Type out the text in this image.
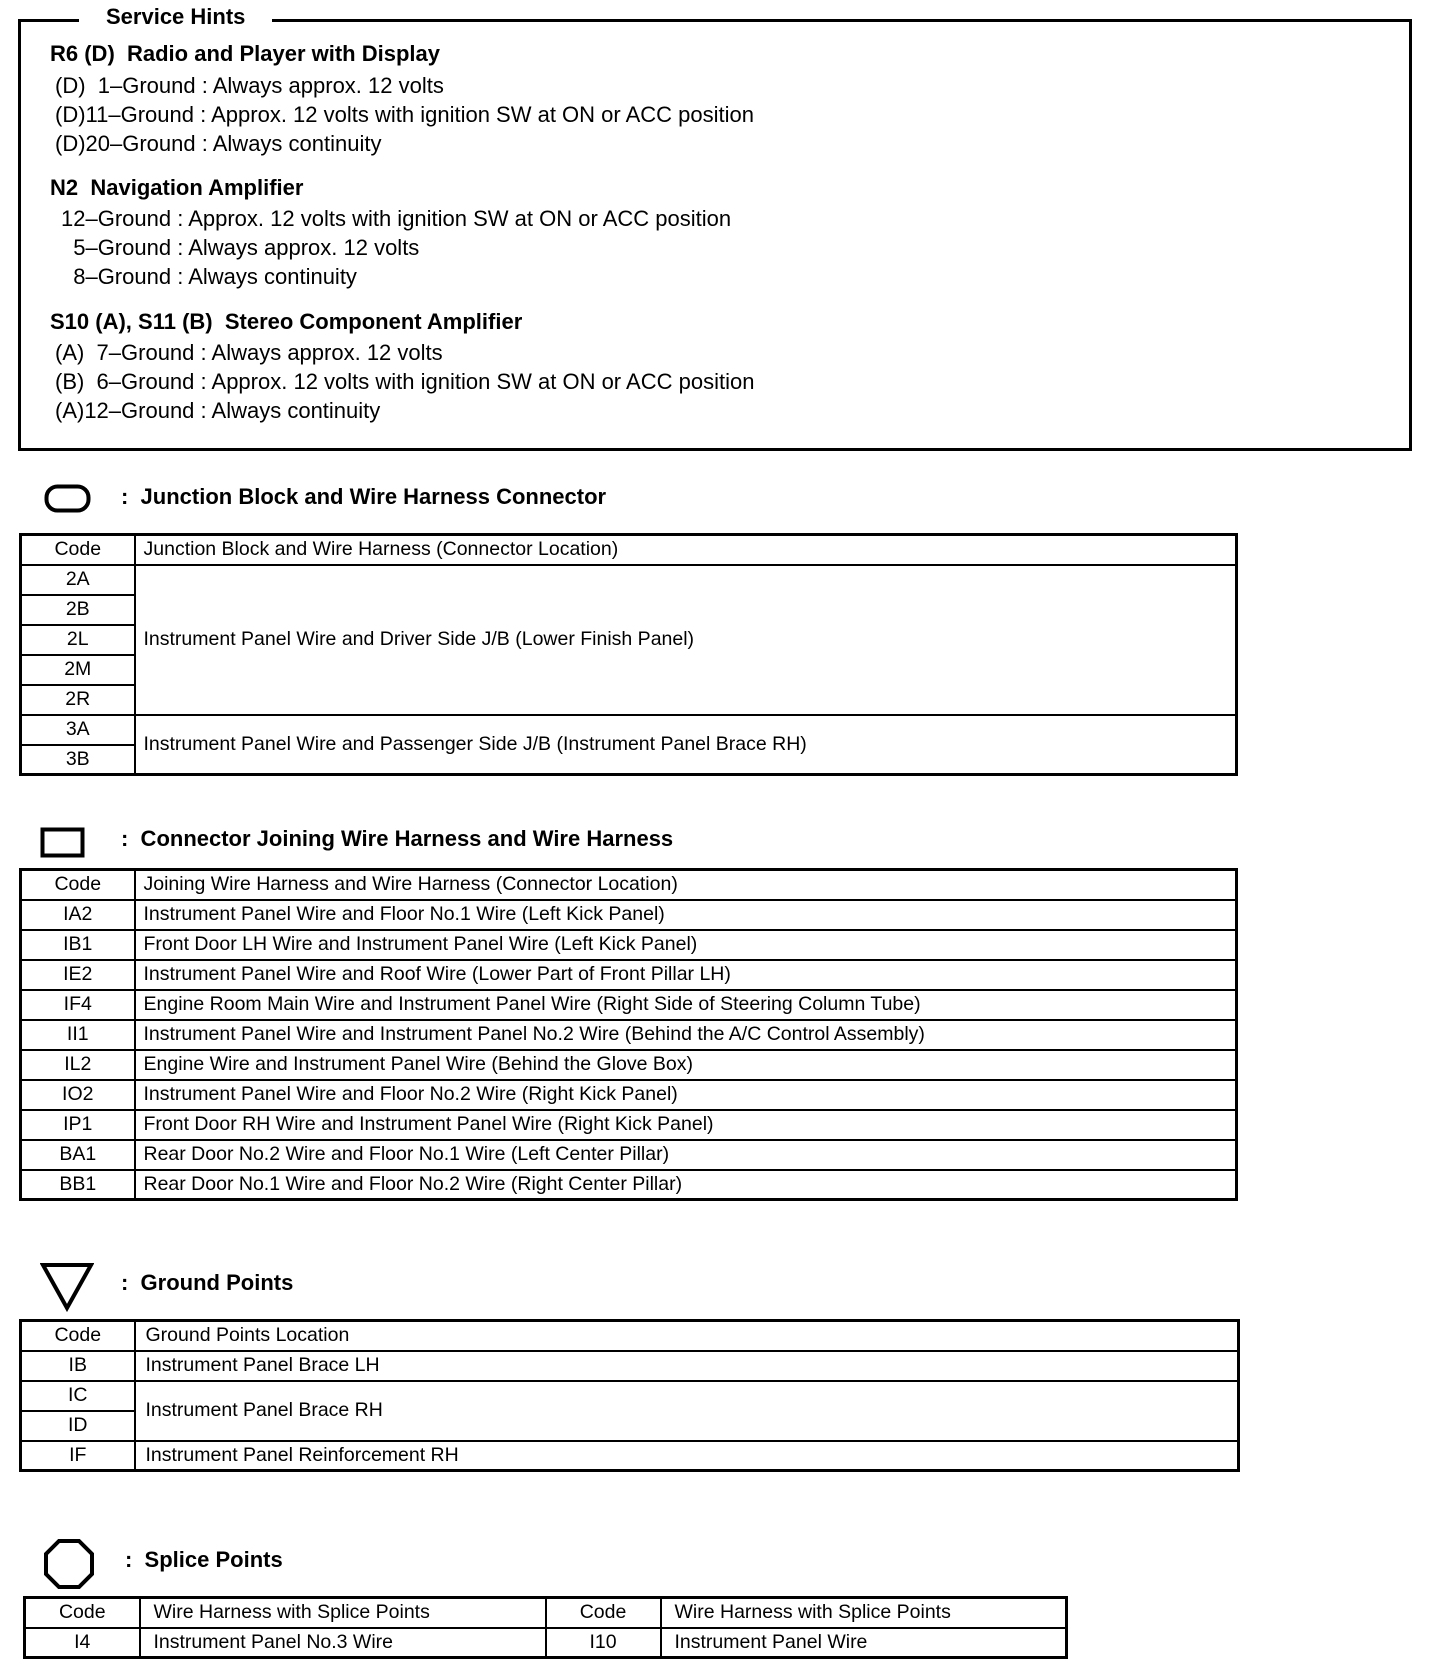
Service Hints
R6 (D)  Radio and Player with Display
(D)  1–Ground : Always approx. 12 volts
(D)11–Ground : Approx. 12 volts with ignition SW at ON or ACC position
(D)20–Ground : Always continuity
N2  Navigation Amplifier
12–Ground : Approx. 12 volts with ignition SW at ON or ACC position
5–Ground : Always approx. 12 volts
8–Ground : Always continuity
S10 (A), S11 (B)  Stereo Component Amplifier
(A)  7–Ground : Always approx. 12 volts
(B)  6–Ground : Approx. 12 volts with ignition SW at ON or ACC position
(A)12–Ground : Always continuity
:  Junction Block and Wire Harness Connector
Code	Junction Block and Wire Harness (Connector Location)
2A	Instrument Panel Wire and Driver Side J/B (Lower Finish Panel)
2B	
2L	
2M	
2R	
3A	Instrument Panel Wire and Passenger Side J/B (Instrument Panel Brace RH)
3B	
:  Connector Joining Wire Harness and Wire Harness
Code	Joining Wire Harness and Wire Harness (Connector Location)
IA2	Instrument Panel Wire and Floor No.1 Wire (Left Kick Panel)
IB1	Front Door LH Wire and Instrument Panel Wire (Left Kick Panel)
IE2	Instrument Panel Wire and Roof Wire (Lower Part of Front Pillar LH)
IF4	Engine Room Main Wire and Instrument Panel Wire (Right Side of Steering Column Tube)
II1	Instrument Panel Wire and Instrument Panel No.2 Wire (Behind the A/C Control Assembly)
IL2	Engine Wire and Instrument Panel Wire (Behind the Glove Box)
IO2	Instrument Panel Wire and Floor No.2 Wire (Right Kick Panel)
IP1	Front Door RH Wire and Instrument Panel Wire (Right Kick Panel)
BA1	Rear Door No.2 Wire and Floor No.1 Wire (Left Center Pillar)
BB1	Rear Door No.1 Wire and Floor No.2 Wire (Right Center Pillar)
:  Ground Points
Code	Ground Points Location
IB	Instrument Panel Brace LH
IC	Instrument Panel Brace RH
ID	
IF	Instrument Panel Reinforcement RH
:  Splice Points
Code	Wire Harness with Splice Points	Code	Wire Harness with Splice Points
I4	Instrument Panel No.3 Wire	I10	Instrument Panel Wire
